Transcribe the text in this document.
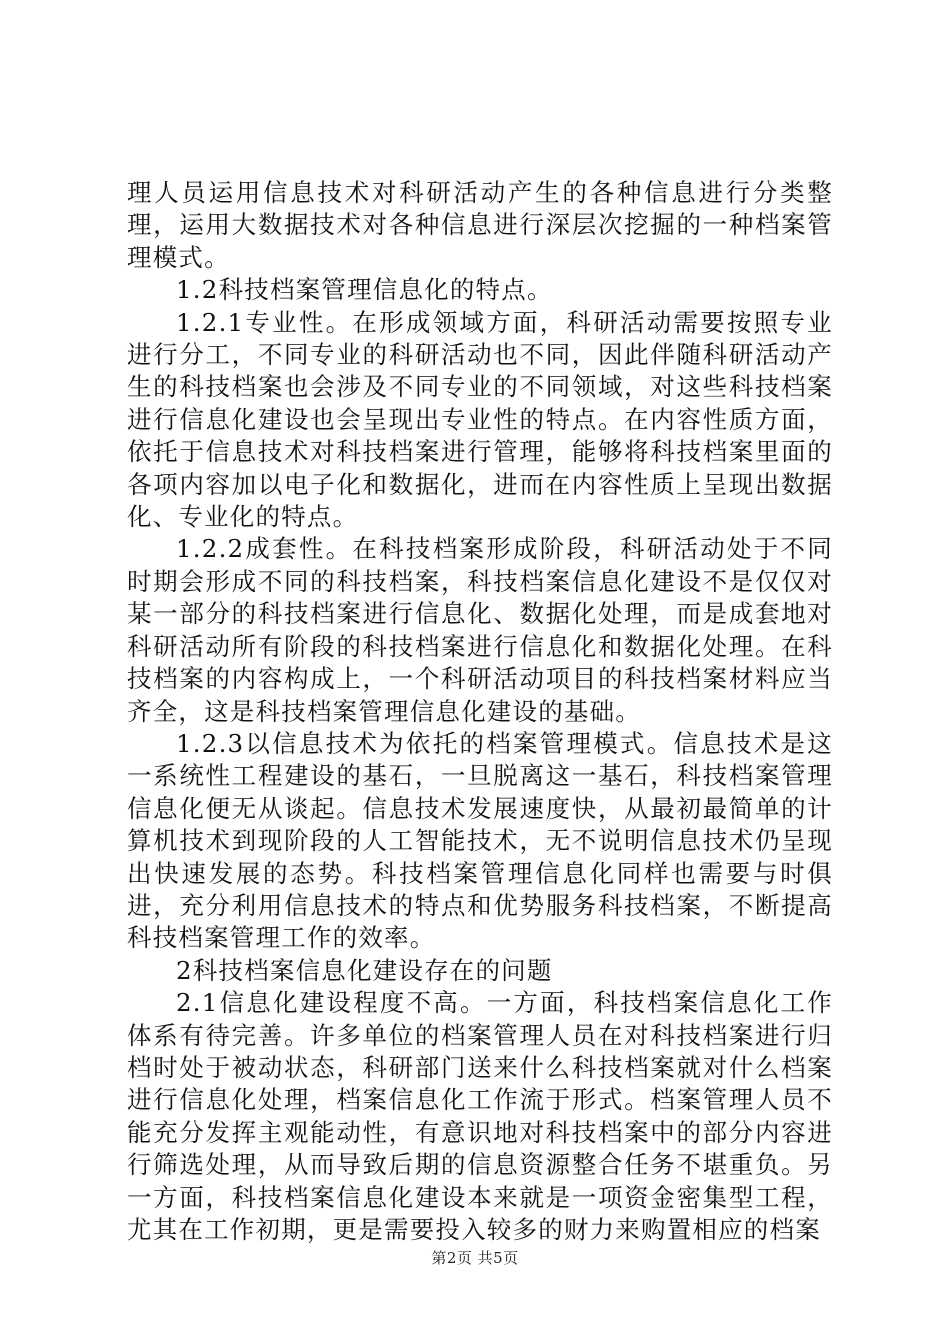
理人员运用信息技术对科研活动产生的各种信息进行分类整理，运用大数据技术对各种信息进行深层次挖掘的一种档案管理模式。

1.2科技档案管理信息化的特点。

1.2.1专业性。在形成领域方面，科研活动需要按照专业进行分工，不同专业的科研活动也不同，因此伴随科研活动产生的科技档案也会涉及不同专业的不同领域，对这些科技档案进行信息化建设也会呈现出专业性的特点。在内容性质方面，依托于信息技术对科技档案进行管理，能够将科技档案里面的各项内容加以电子化和数据化，进而在内容性质上呈现出数据化、专业化的特点。

1.2.2成套性。在科技档案形成阶段，科研活动处于不同时期会形成不同的科技档案，科技档案信息化建设不是仅仅对某一部分的科技档案进行信息化、数据化处理，而是成套地对科研活动所有阶段的科技档案进行信息化和数据化处理。在科技档案的内容构成上，一个科研活动项目的科技档案材料应当齐全，这是科技档案管理信息化建设的基础。

1.2.3以信息技术为依托的档案管理模式。信息技术是这一系统性工程建设的基石，一旦脱离这一基石，科技档案管理信息化便无从谈起。信息技术发展速度快，从最初最简单的计算机技术到现阶段的人工智能技术，无不说明信息技术仍呈现出快速发展的态势。科技档案管理信息化同样也需要与时俱进，充分利用信息技术的特点和优势服务科技档案，不断提高科技档案管理工作的效率。

2科技档案信息化建设存在的问题

2.1信息化建设程度不高。一方面，科技档案信息化工作体系有待完善。许多单位的档案管理人员在对科技档案进行归档时处于被动状态，科研部门送来什么科技档案就对什么档案进行信息化处理，档案信息化工作流于形式。档案管理人员不能充分发挥主观能动性，有意识地对科技档案中的部分内容进行筛选处理，从而导致后期的信息资源整合任务不堪重负。另一方面，科技档案信息化建设本来就是一项资金密集型工程，尤其在工作初期，更是需要投入较多的财力来购置相应的档案

第2页 共5页
